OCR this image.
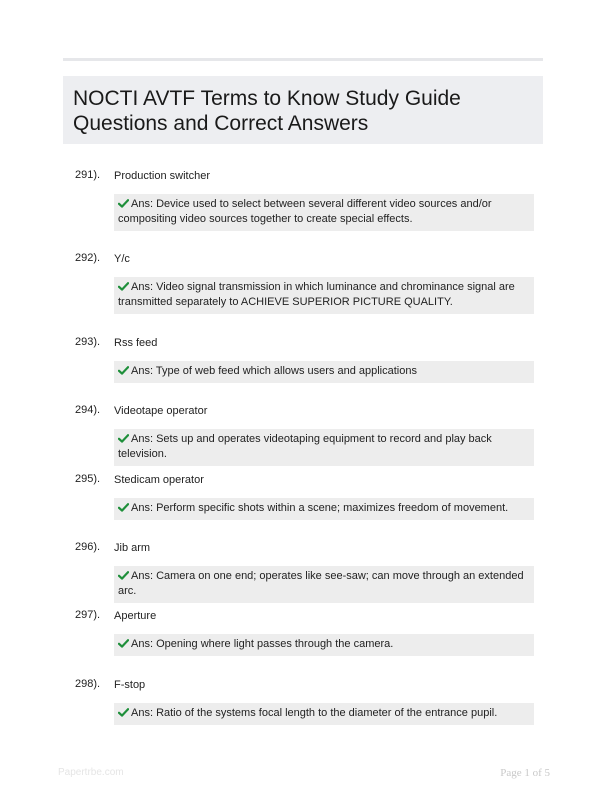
NOCTI AVTF Terms to Know Study Guide
Questions and Correct Answers
291). Production switcher
Ans: Device used to select between several different video sources and/or compositing video sources together to create special effects.
292). Y/c
Ans: Video signal transmission in which luminance and chrominance signal are transmitted separately to ACHIEVE SUPERIOR PICTURE QUALITY.
293). Rss feed
Ans: Type of web feed which allows users and applications
294). Videotape operator
Ans: Sets up and operates videotaping equipment to record and play back television.
295). Stedicam operator
Ans: Perform specific shots within a scene; maximizes freedom of movement.
296). Jib arm
Ans: Camera on one end; operates like see-saw; can move through an extended arc.
297). Aperture
Ans: Opening where light passes through the camera.
298). F-stop
Ans: Ratio of the systems focal length to the diameter of the entrance pupil.
Papertrbe.com	Page 1 of 5
